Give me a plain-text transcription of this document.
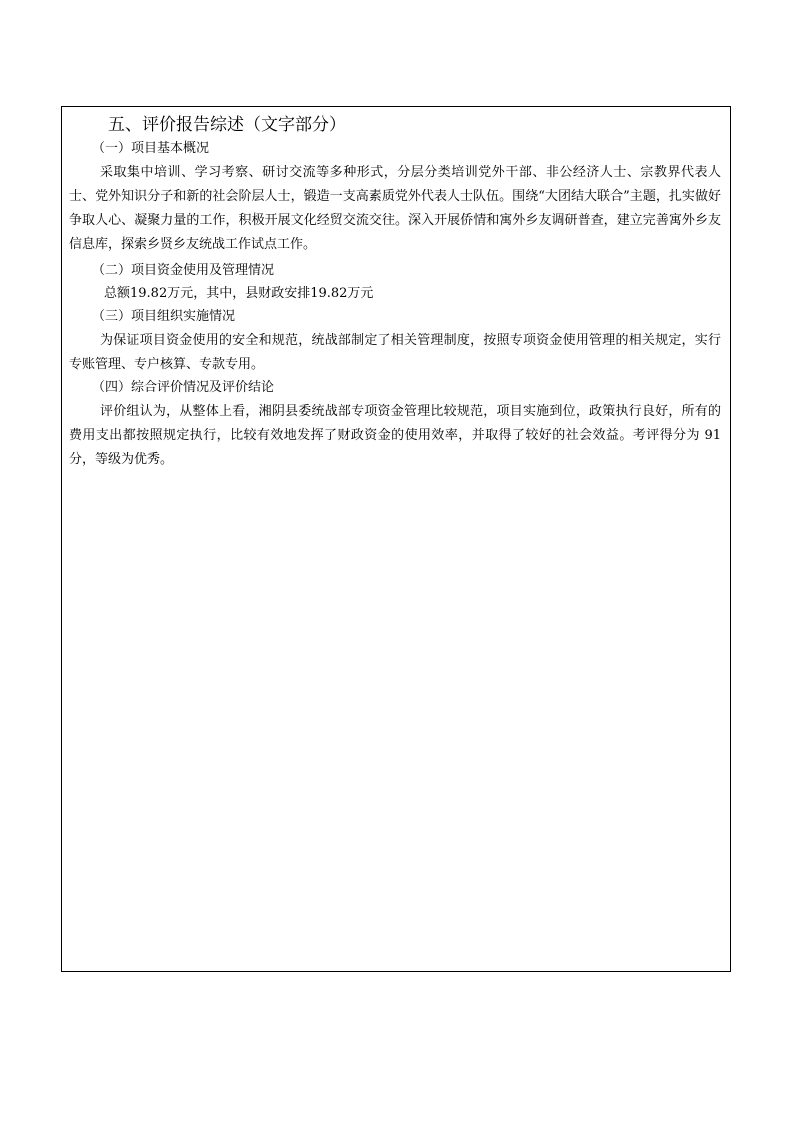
五、评价报告综述（文字部分）
（一）项目基本概况
采取集中培训、学习考察、研讨交流等多种形式，分层分类培训党外干部、非公经济人士、宗教界代表人士、党外知识分子和新的社会阶层人士，锻造一支高素质党外代表人士队伍。围绕“大团结大联合”主题，扎实做好争取人心、凝聚力量的工作，积极开展文化经贸交流交往。深入开展侨情和寓外乡友调研普查，建立完善寓外乡友信息库，探索乡贤乡友统战工作试点工作。
（二）项目资金使用及管理情况
总额19.82万元，其中，县财政安排19.82万元
（三）项目组织实施情况
为保证项目资金使用的安全和规范，统战部制定了相关管理制度，按照专项资金使用管理的相关规定，实行专账管理、专户核算、专款专用。
（四）综合评价情况及评价结论
评价组认为，从整体上看，湘阴县委统战部专项资金管理比较规范，项目实施到位，政策执行良好，所有的费用支出都按照规定执行，比较有效地发挥了财政资金的使用效率，并取得了较好的社会效益。考评得分为 91分，等级为优秀。
